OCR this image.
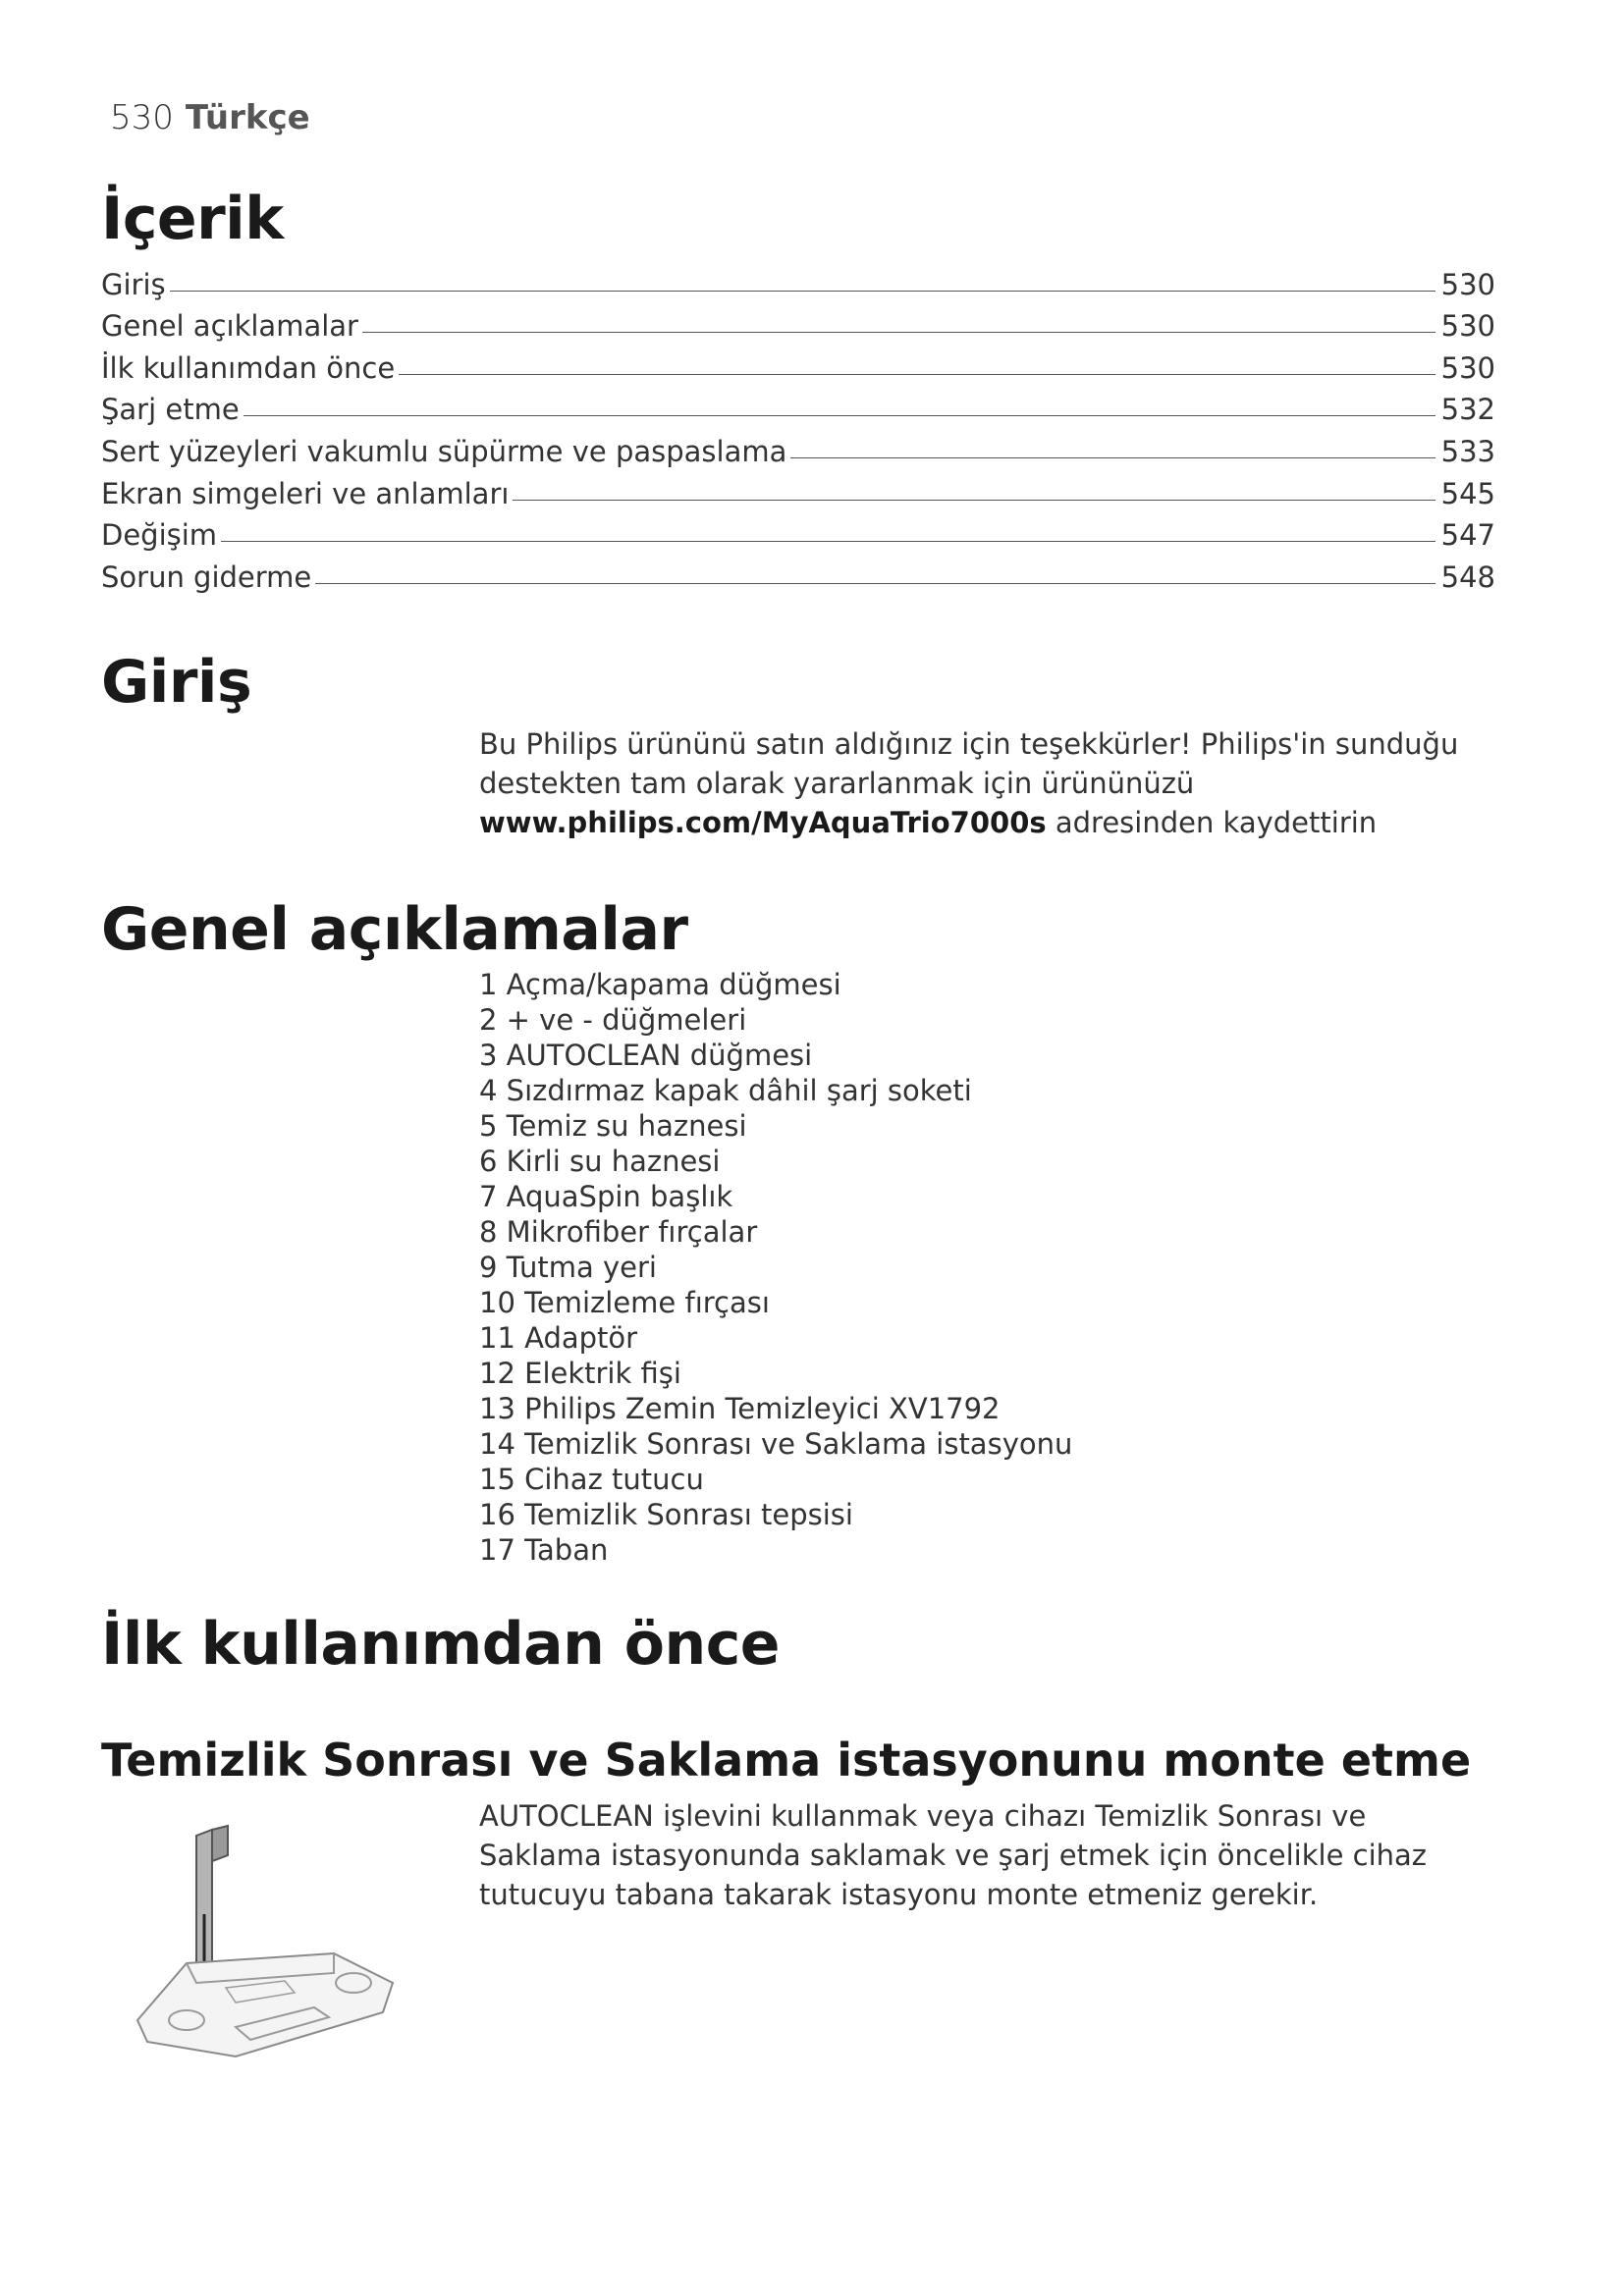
530 Türkçe
İçerik
Giriş	530
Genel açıklamalar	530
İlk kullanımdan önce	530
Şarj etme	532
Sert yüzeyleri vakumlu süpürme ve paspaslama	533
Ekran simgeleri ve anlamları	545
Değişim	547
Sorun giderme	548
Giriş
Bu Philips ürününü satın aldığınız için teşekkürler! Philips'in sunduğu destekten tam olarak yararlanmak için ürününüzü www.philips.com/MyAquaTrio7000s adresinden kaydettirin
Genel açıklamalar
1 Açma/kapama düğmesi
2 + ve - düğmeleri
3 AUTOCLEAN düğmesi
4 Sızdırmaz kapak dâhil şarj soketi
5 Temiz su haznesi
6 Kirli su haznesi
7 AquaSpin başlık
8 Mikrofiber fırçalar
9 Tutma yeri
10 Temizleme fırçası
11 Adaptör
12 Elektrik fişi
13 Philips Zemin Temizleyici XV1792
14 Temizlik Sonrası ve Saklama istasyonu
15 Cihaz tutucu
16 Temizlik Sonrası tepsisi
17 Taban
İlk kullanımdan önce
Temizlik Sonrası ve Saklama istasyonunu monte etme
AUTOCLEAN işlevini kullanmak veya cihazı Temizlik Sonrası ve Saklama istasyonunda saklamak ve şarj etmek için öncelikle cihaz tutucuyu tabana takarak istasyonu monte etmeniz gerekir.
